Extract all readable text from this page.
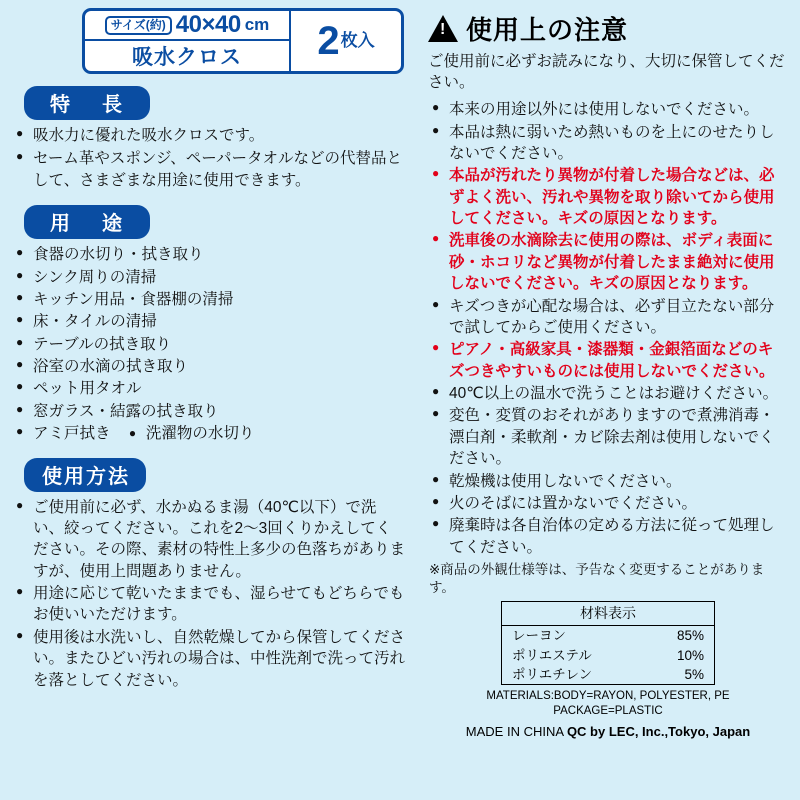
サイズ(約) 40×40 cm
吸水クロス	2 枚入
特　長
● 吸水力に優れた吸水クロスです。
● セーム革やスポンジ、ペーパータオルなどの代替品として、さまざまな用途に使用できます。
用　途
● 食器の水切り・拭き取り
● シンク周りの清掃
● キッチン用品・食器棚の清掃
● 床・タイルの清掃
● テーブルの拭き取り
● 浴室の水滴の拭き取り
● ペット用タオル
● 窓ガラス・結露の拭き取り
● アミ戸拭き ● 洗濯物の水切り
使用方法
● ご使用前に必ず、水かぬるま湯（40℃以下）で洗い、絞ってください。これを2～3回くりかえしてください。その際、素材の特性上多少の色落ちがありますが、使用上問題ありません。
● 用途に応じて乾いたままでも、湿らせてもどちらでもお使いいただけます。
● 使用後は水洗いし、自然乾燥してから保管してください。またひどい汚れの場合は、中性洗剤で洗って汚れを落としてください。
!
使用上の注意
ご使用前に必ずお読みになり、大切に保管してください。
● 本来の用途以外には使用しないでください。
● 本品は熱に弱いため熱いものを上にのせたりしないでください。
● 本品が汚れたり異物が付着した場合などは、必ずよく洗い、汚れや異物を取り除いてから使用してください。キズの原因となります。
● 洗車後の水滴除去に使用の際は、ボディ表面に砂・ホコリなど異物が付着したまま絶対に使用しないでください。キズの原因となります。
● キズつきが心配な場合は、必ず目立たない部分で試してからご使用ください。
● ピアノ・高級家具・漆器類・金銀箔面などのキズつきやすいものには使用しないでください。
● 40℃以上の温水で洗うことはお避けください。
● 変色・変質のおそれがありますので煮沸消毒・漂白剤・柔軟剤・カビ除去剤は使用しないでください。
● 乾燥機は使用しないでください。
● 火のそばには置かないでください。
● 廃棄時は各自治体の定める方法に従って処理してください。
※商品の外観仕様等は、予告なく変更することがあります。
材料表示
レーヨン	85%
ポリエステル	10%
ポリエチレン	5%
MATERIALS:BODY=RAYON, POLYESTER, PE
PACKAGE=PLASTIC
MADE IN CHINA QC by LEC, Inc.,Tokyo, Japan
